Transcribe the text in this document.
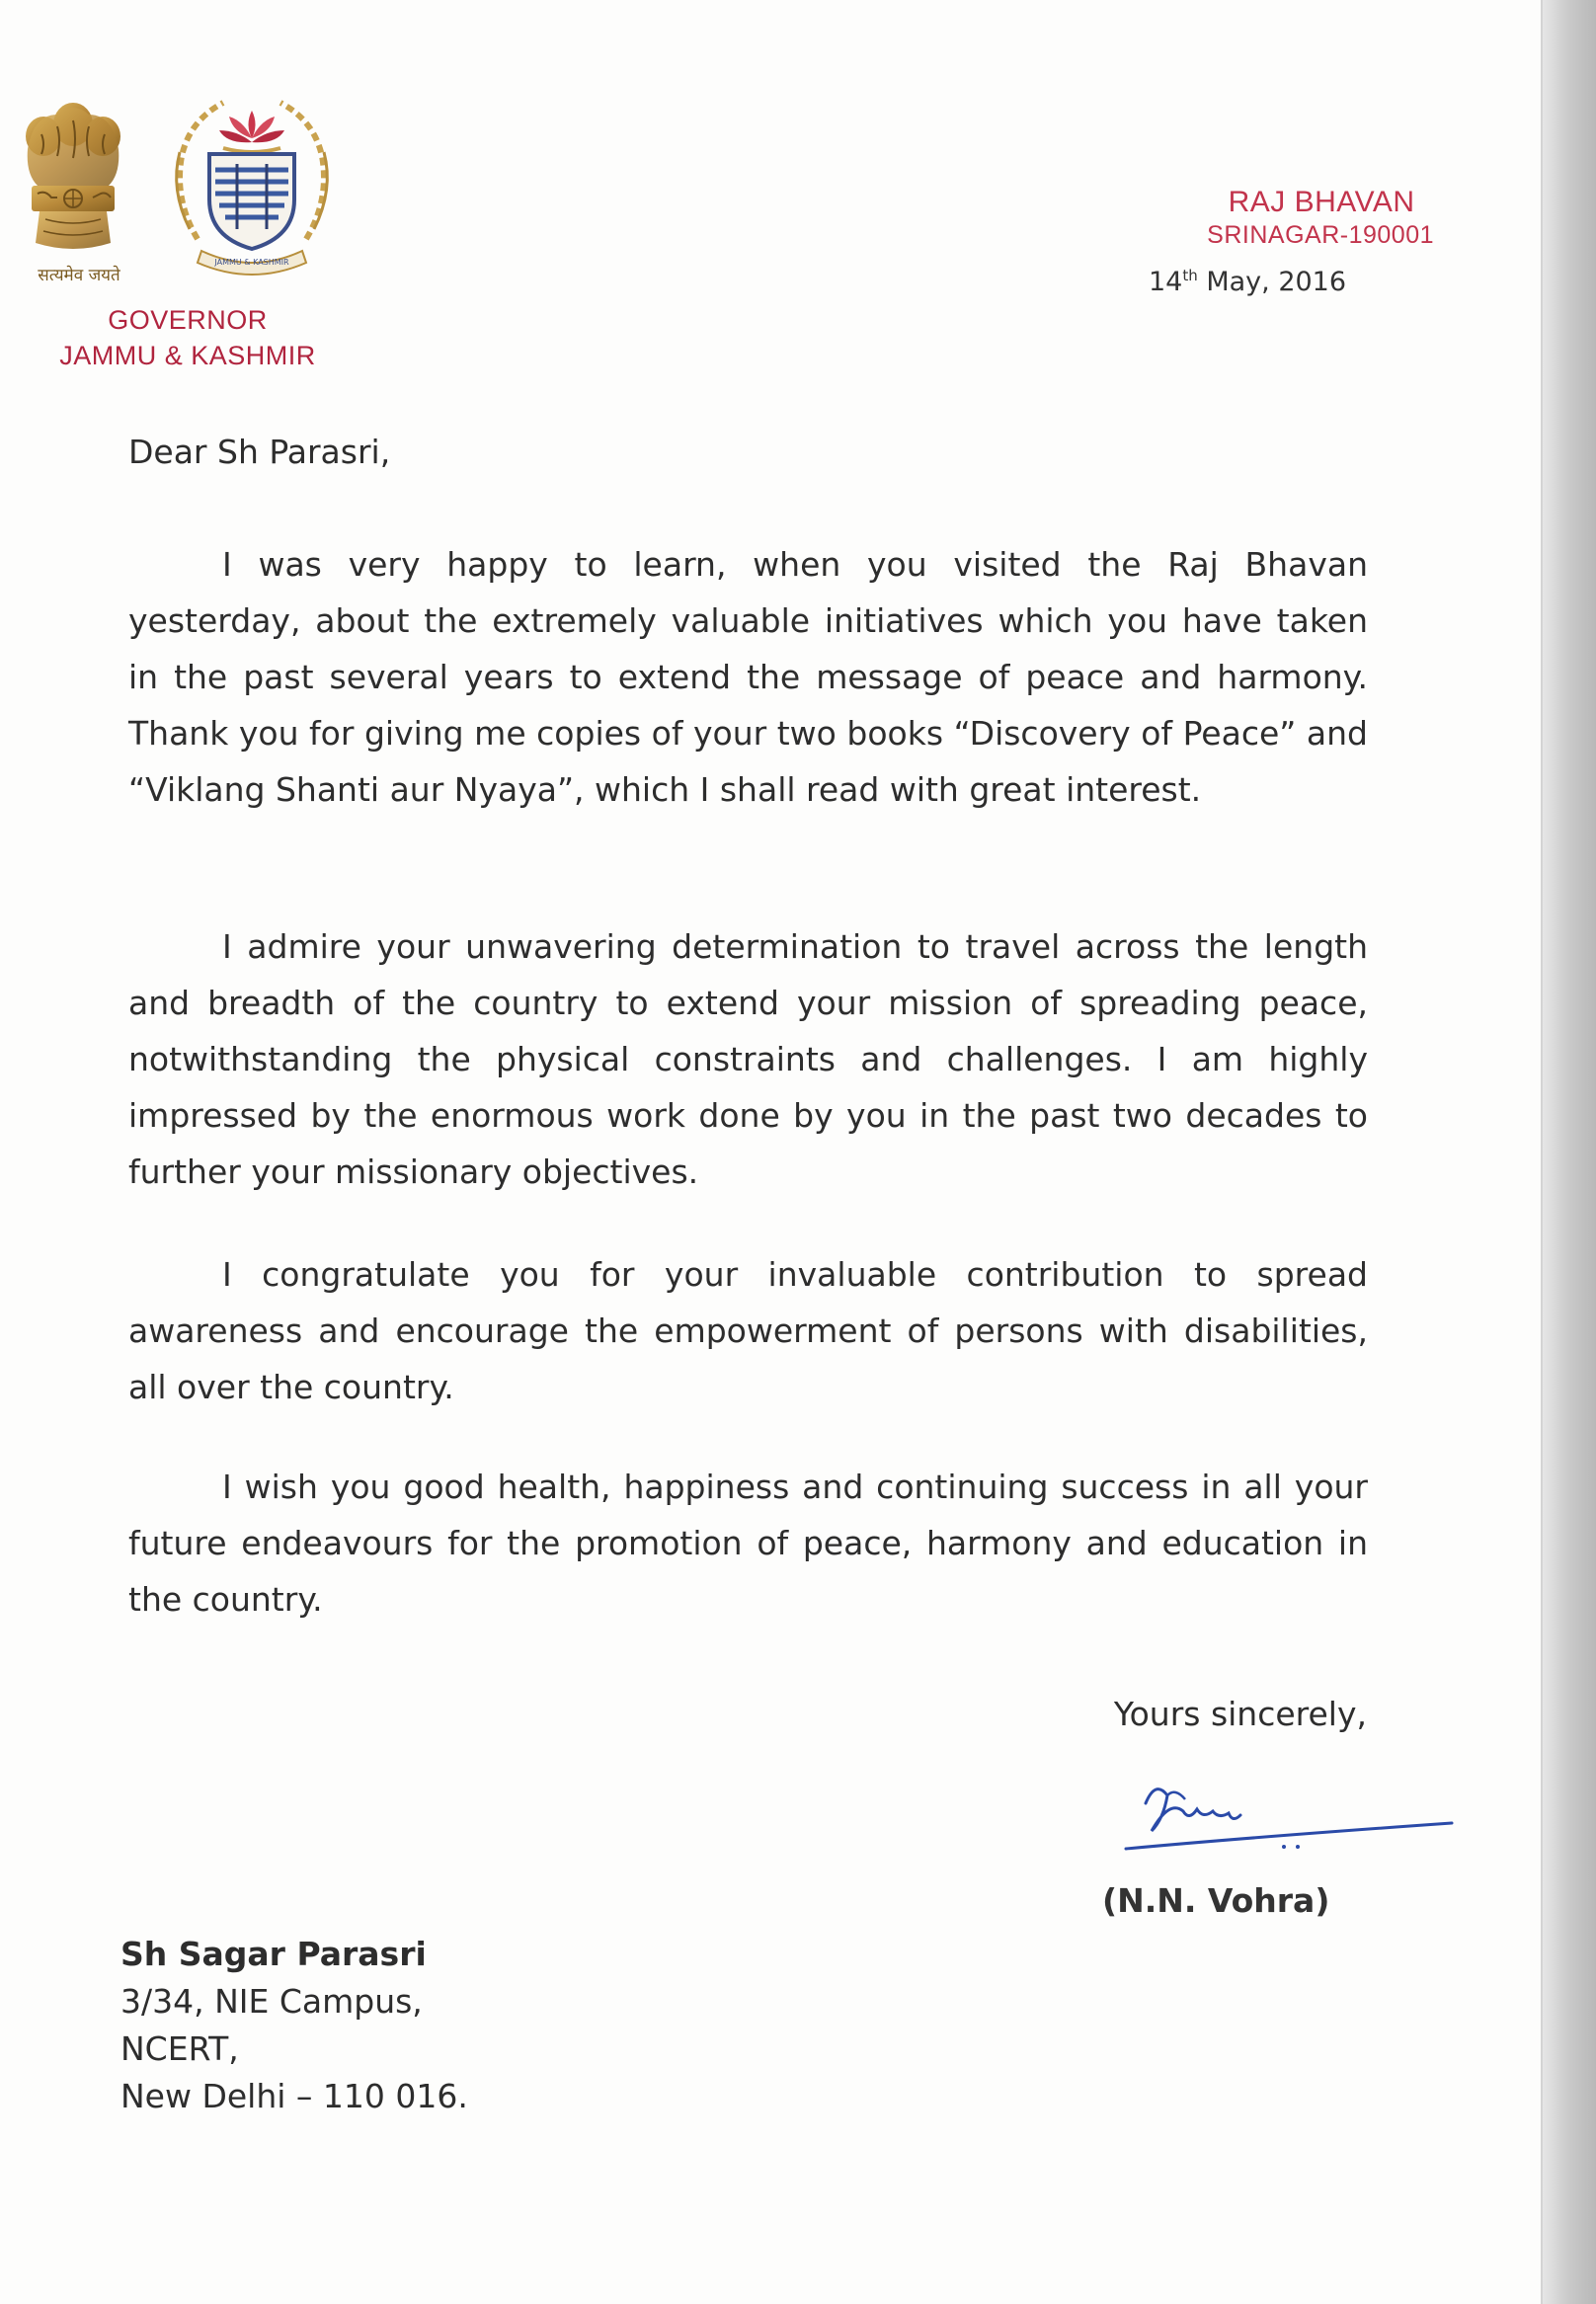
सत्यमेव जयते
JAMMU & KASHMIR
GOVERNOR
JAMMU & KASHMIR
RAJ BHAVAN
SRINAGAR-190001
14th May, 2016
Dear Sh Parasri,
I was very happy to learn, when you visited the Raj Bhavan yesterday, about the extremely valuable initiatives which you have taken in the past several years to extend the message of peace and harmony. Thank you for giving me copies of your two books “Discovery of Peace” and “Viklang Shanti aur Nyaya”, which I shall read with great interest.
I admire your unwavering determination to travel across the length and breadth of the country to extend your mission of spreading peace, notwithstanding the physical constraints and challenges. I am highly impressed by the enormous work done by you in the past two decades to further your missionary objectives.
I congratulate you for your invaluable contribution to spread awareness and encourage the empowerment of persons with disabilities, all over the country.
I wish you good health, happiness and continuing success in all your future endeavours for the promotion of peace, harmony and education in the country.
Yours sincerely,
(N.N. Vohra)
Sh Sagar Parasri
3/34, NIE Campus,
NCERT,
New Delhi – 110 016.
